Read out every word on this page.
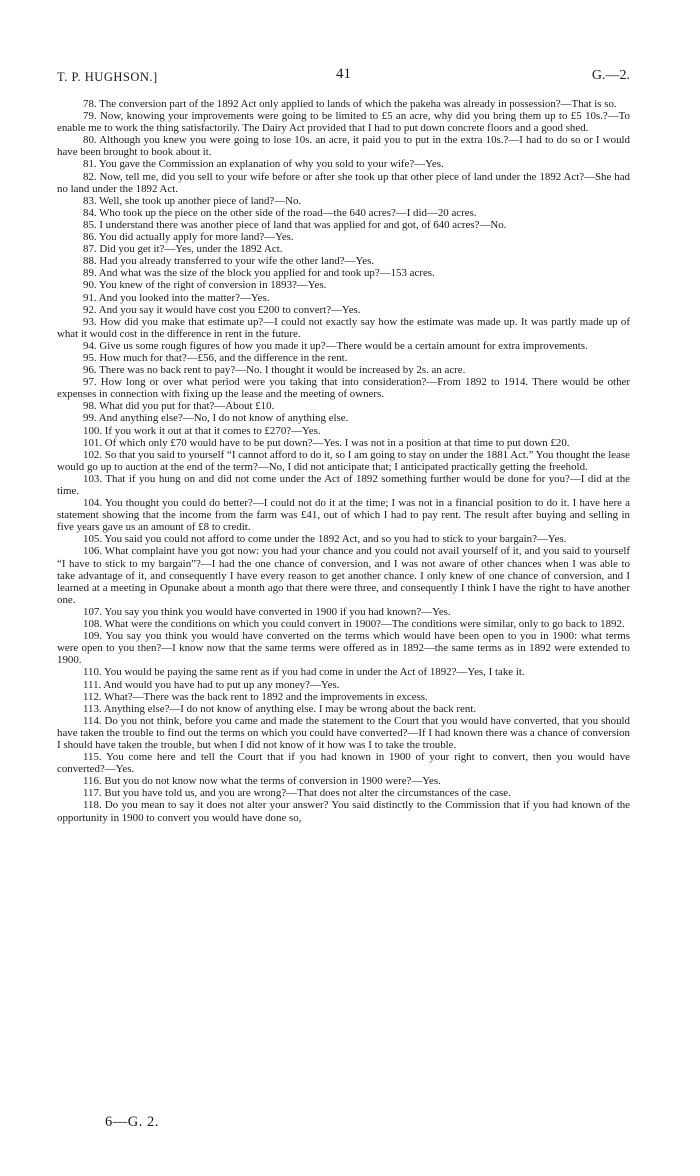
T. P. HUGHSON.]	41	G.—2.

78. The conversion part of the 1892 Act only applied to lands of which the pakeha was already in possession?—That is so.

79. Now, knowing your improvements were going to be limited to £5 an acre, why did you bring them up to £5 10s.?—To enable me to work the thing satisfactorily. The Dairy Act provided that I had to put down concrete floors and a good shed.

80. Although you knew you were going to lose 10s. an acre, it paid you to put in the extra 10s.?—I had to do so or I would have been brought to book about it.

81. You gave the Commission an explanation of why you sold to your wife?—Yes.

82. Now, tell me, did you sell to your wife before or after she took up that other piece of land under the 1892 Act?—She had no land under the 1892 Act.

83. Well, she took up another piece of land?—No.

84. Who took up the piece on the other side of the road—the 640 acres?—I did—20 acres.

85. I understand there was another piece of land that was applied for and got, of 640 acres?—No.

86. You did actually apply for more land?—Yes.

87. Did you get it?—Yes, under the 1892 Act.

88. Had you already transferred to your wife the other land?—Yes.

89. And what was the size of the block you applied for and took up?—153 acres.

90. You knew of the right of conversion in 1893?—Yes.

91. And you looked into the matter?—Yes.

92. And you say it would have cost you £200 to convert?—Yes.

93. How did you make that estimate up?—I could not exactly say how the estimate was made up. It was partly made up of what it would cost in the difference in rent in the future.

94. Give us some rough figures of how you made it up?—There would be a certain amount for extra improvements.

95. How much for that?—£56, and the difference in the rent.

96. There was no back rent to pay?—No. I thought it would be increased by 2s. an acre.

97. How long or over what period were you taking that into consideration?—From 1892 to 1914. There would be other expenses in connection with fixing up the lease and the meeting of owners.

98. What did you put for that?—About £10.

99. And anything else?—No, I do not know of anything else.

100. If you work it out at that it comes to £270?—Yes.

101. Of which only £70 would have to be put down?—Yes. I was not in a position at that time to put down £20.

102. So that you said to yourself “I cannot afford to do it, so I am going to stay on under the 1881 Act.” You thought the lease would go up to auction at the end of the term?—No, I did not anticipate that; I anticipated practically getting the freehold.

103. That if you hung on and did not come under the Act of 1892 something further would be done for you?—I did at the time.

104. You thought you could do better?—I could not do it at the time; I was not in a financial position to do it. I have here a statement showing that the income from the farm was £41, out of which I had to pay rent. The result after buying and selling in five years gave us an amount of £8 to credit.

105. You said you could not afford to come under the 1892 Act, and so you had to stick to your bargain?—Yes.

106. What complaint have you got now: you had your chance and you could not avail yourself of it, and you said to yourself “I have to stick to my bargain”?—I had the one chance of conversion, and I was not aware of other chances when I was able to take advantage of it, and consequently I have every reason to get another chance. I only knew of one chance of conversion, and I learned at a meeting in Opunake about a month ago that there were three, and consequently I think I have the right to have another one.

107. You say you think you would have converted in 1900 if you had known?—Yes.

108. What were the conditions on which you could convert in 1900?—The conditions were similar, only to go back to 1892.

109. You say you think you would have converted on the terms which would have been open to you in 1900: what terms were open to you then?—I know now that the same terms were offered as in 1892—the same terms as in 1892 were extended to 1900.

110. You would be paying the same rent as if you had come in under the Act of 1892?—Yes, I take it.

111. And would you have had to put up any money?—Yes.

112. What?—There was the back rent to 1892 and the improvements in excess.

113. Anything else?—I do not know of anything else. I may be wrong about the back rent.

114. Do you not think, before you came and made the statement to the Court that you would have converted, that you should have taken the trouble to find out the terms on which you could have converted?—If I had known there was a chance of conversion I should have taken the trouble, but when I did not know of it how was I to take the trouble.

115. You come here and tell the Court that if you had known in 1900 of your right to convert, then you would have converted?—Yes.

116. But you do not know now what the terms of conversion in 1900 were?—Yes.

117. But you have told us, and you are wrong?—That does not alter the circumstances of the case.

118. Do you mean to say it does not alter your answer? You said distinctly to the Commission that if you had known of the opportunity in 1900 to convert you would have done so,

6—G. 2.
